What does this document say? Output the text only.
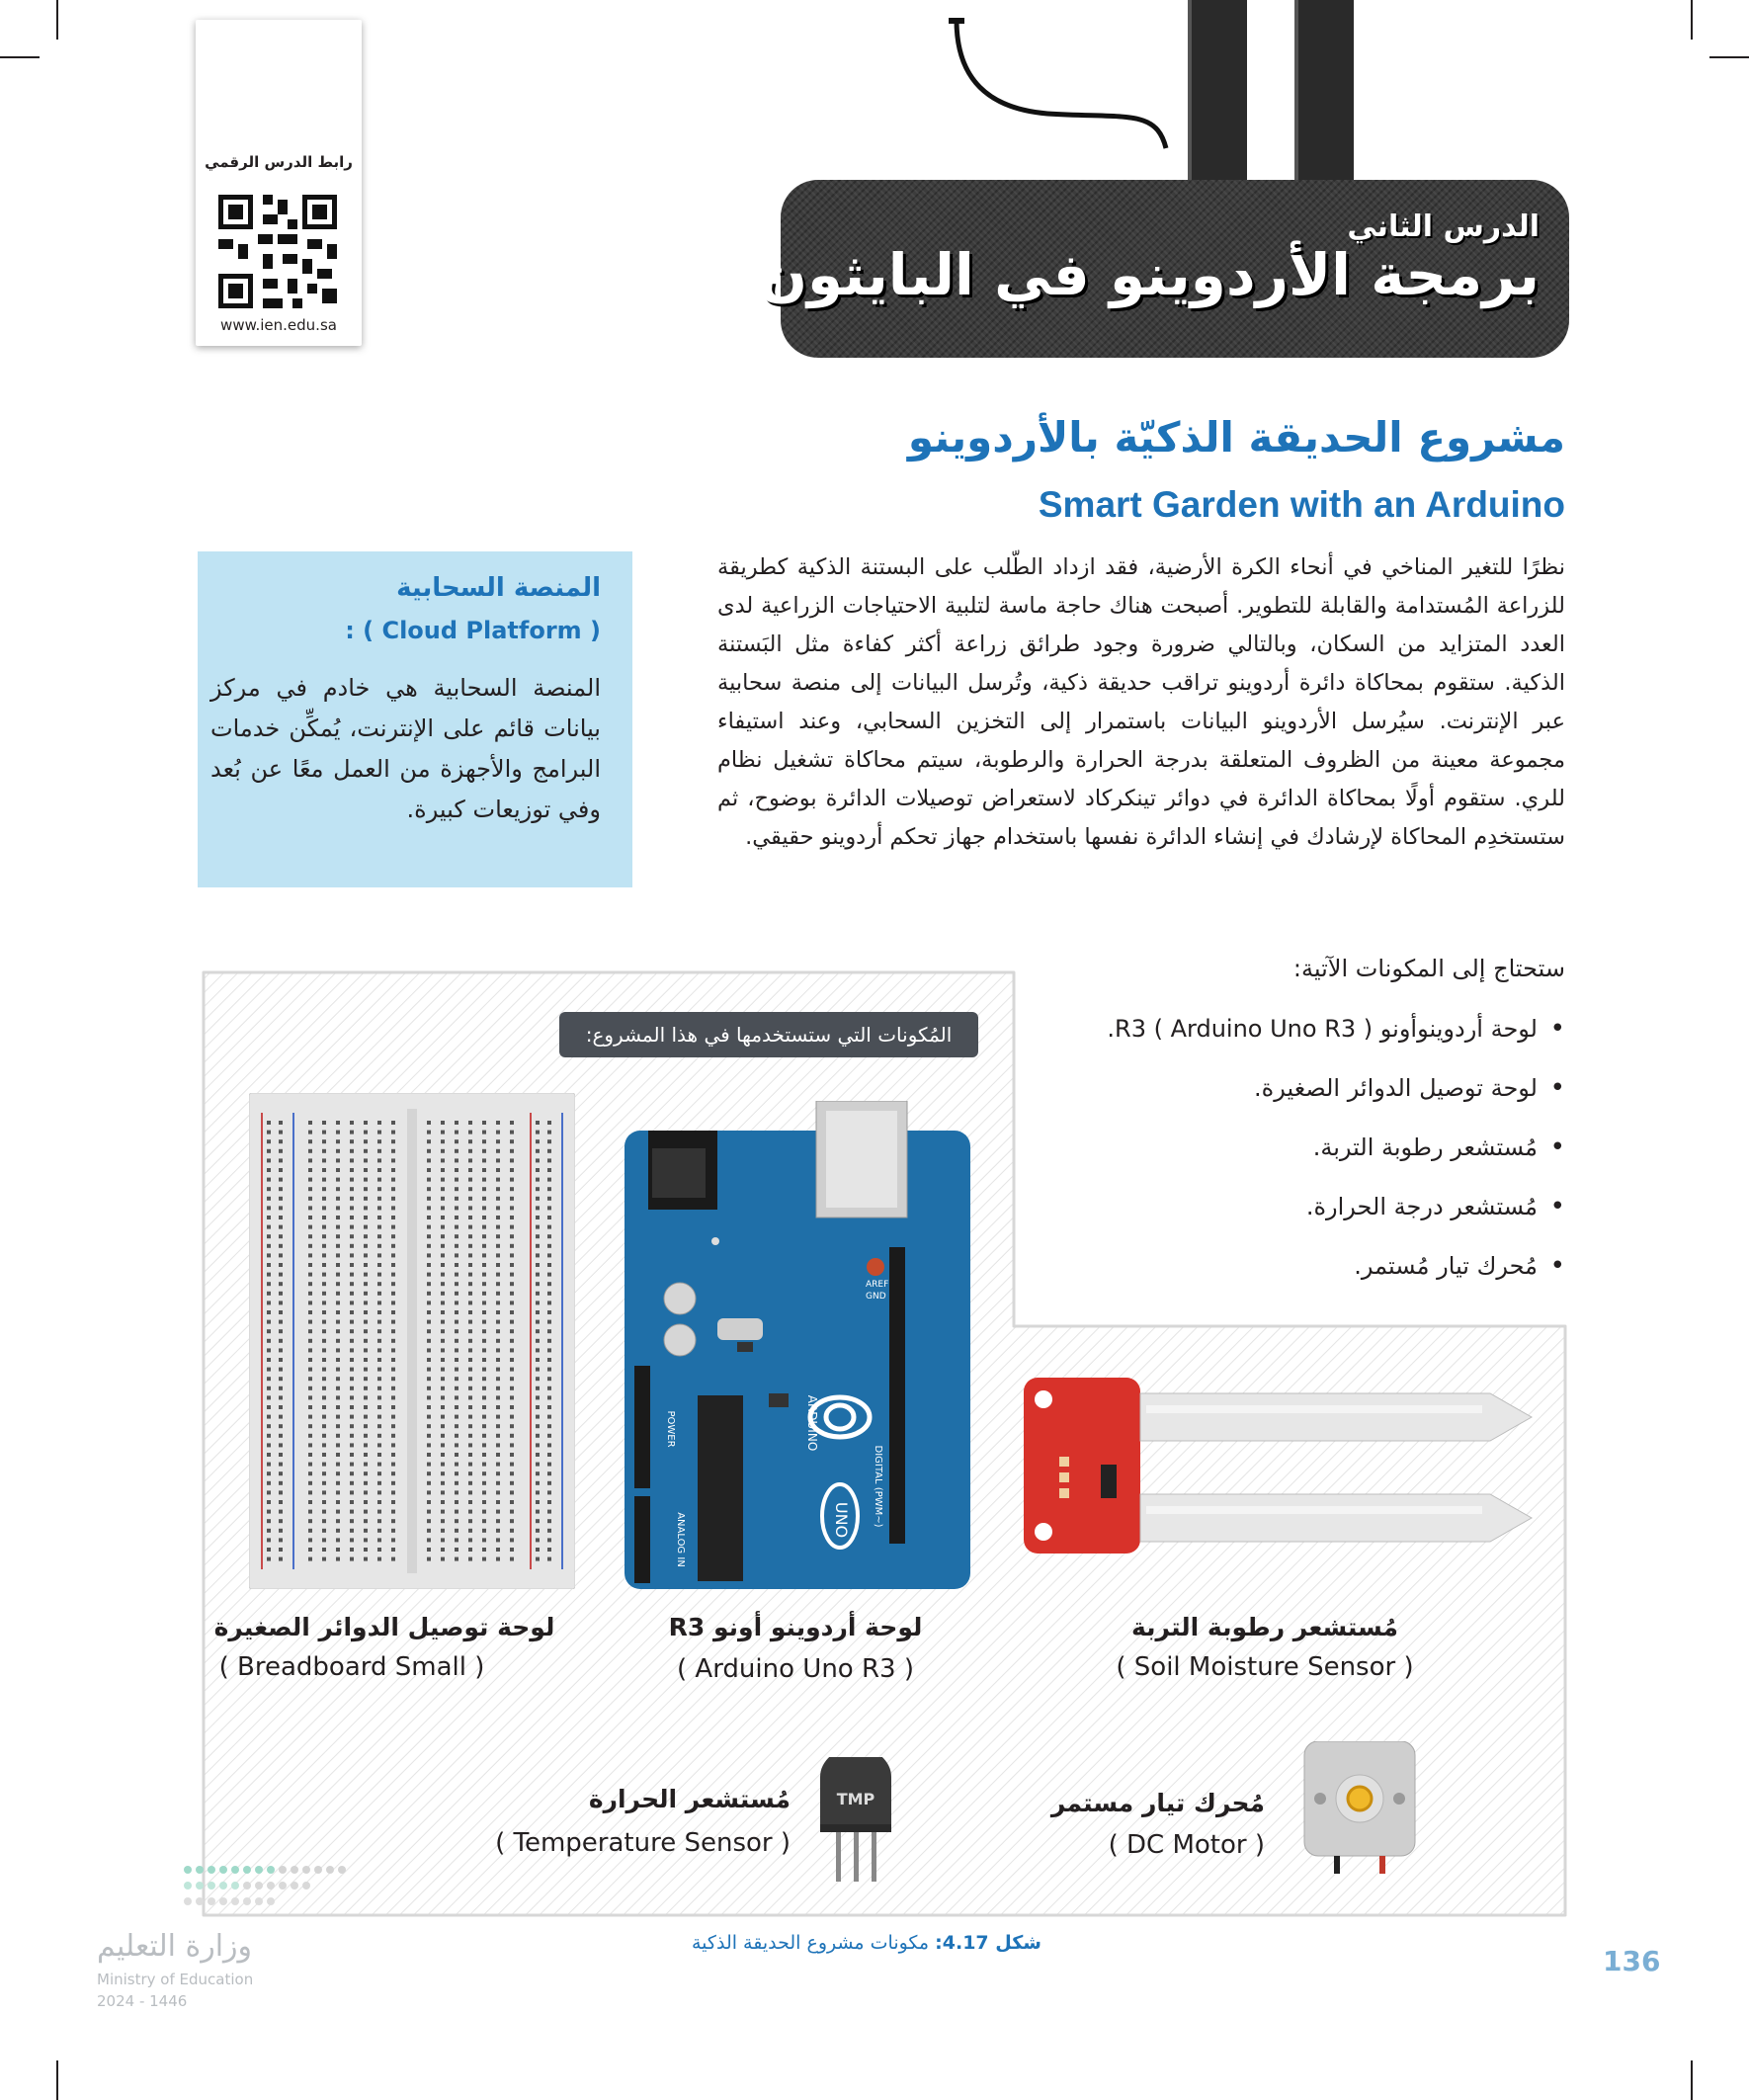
رابط الدرس الرقمي
www.ien.edu.sa
الدرس الثاني
برمجة الأردوينو في البايثون
مشروع الحديقة الذكيّة بالأردوينو
Smart Garden with an Arduino
المنصة السحابية
: ( Cloud Platform )
المنصة السحابية هي خادم في مركز بيانات قائم على الإنترنت، يُمكِّن خدمات البرامج والأجهزة من العمل معًا عن بُعد وفي توزيعات كبيرة.
نظرًا للتغير المناخي في أنحاء الكرة الأرضية، فقد ازداد الطّلب على البستنة الذكية كطريقة للزراعة المُستدامة والقابلة للتطوير. أصبحت هناك حاجة ماسة لتلبية الاحتياجات الزراعية لدى العدد المتزايد من السكان، وبالتالي ضرورة وجود طرائق زراعة أكثر كفاءة مثل البَستنة الذكية. ستقوم بمحاكاة دائرة أردوينو تراقب حديقة ذكية، وتُرسل البيانات إلى منصة سحابية عبر الإنترنت. سيُرسل الأردوينو البيانات باستمرار إلى التخزين السحابي، وعند استيفاء مجموعة معينة من الظروف المتعلقة بدرجة الحرارة والرطوبة، سيتم محاكاة تشغيل نظام للري. ستقوم أولًا بمحاكاة الدائرة في دوائر تينكركاد لاستعراض توصيلات الدائرة بوضوح، ثم ستستخدِم المحاكاة لإرشادك في إنشاء الدائرة نفسها باستخدام جهاز تحكم أردوينو حقيقي.
UNO
ARDUINO
POWER
ANALOG IN
DIGITAL (PWM~)
AREF
GND
TMP
ستحتاج إلى المكونات الآتية:
• لوحة أردوينوأونو R3 ( Arduino Uno R3 ).
• لوحة توصيل الدوائر الصغيرة.
• مُستشعر رطوبة التربة.
• مُستشعر درجة الحرارة.
• مُحرك تيار مُستمر.
المُكونات التي ستستخدمها في هذا المشروع:
لوحة توصيل الدوائر الصغيرة
( Breadboard Small )
لوحة أردوينو أونو R3
( Arduino Uno R3 )
مُستشعر رطوبة التربة
( Soil Moisture Sensor )
مُستشعر الحرارة
( Temperature Sensor )
مُحرك تيار مستمر
( DC Motor )
شكل 4.17: مكونات مشروع الحديقة الذكية
وزارة التعليم
Ministry of Education
2024 - 1446
136
